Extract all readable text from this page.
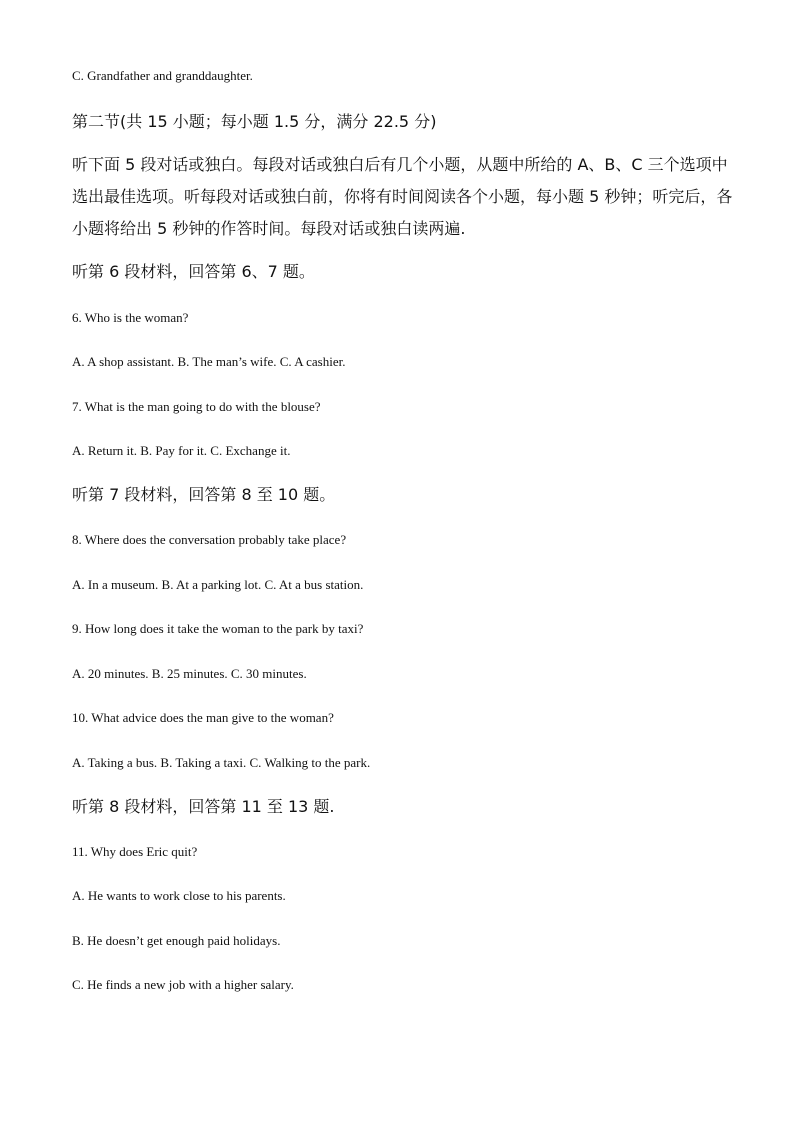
C. Grandfather and granddaughter.

第二节(共 15 小题；每小题 1.5 分，满分 22.5 分)

听下面 5 段对话或独白。每段对话或独白后有几个小题，从题中所给的 A、B、C 三个选项中

选出最佳选项。听每段对话或独白前，你将有时间阅读各个小题，每小题 5 秒钟；听完后，各

小题将给出 5 秒钟的作答时间。每段对话或独白读两遍.

听第 6 段材料，回答第 6、7 题。

6. Who is the woman?

A. A shop assistant. B. The man’s wife. C. A cashier.

7. What is the man going to do with the blouse?

A. Return it. B. Pay for it. C. Exchange it.

听第 7 段材料，回答第 8 至 10 题。

8. Where does the conversation probably take place?

A. In a museum. B. At a parking lot. C. At a bus station.

9. How long does it take the woman to the park by taxi?

A. 20 minutes. B. 25 minutes. C. 30 minutes.

10. What advice does the man give to the woman?

A. Taking a bus. B. Taking a taxi. C. Walking to the park.

听第 8 段材料，回答第 11 至 13 题.

11. Why does Eric quit?

A. He wants to work close to his parents.

B. He doesn’t get enough paid holidays.

C. He finds a new job with a higher salary.
